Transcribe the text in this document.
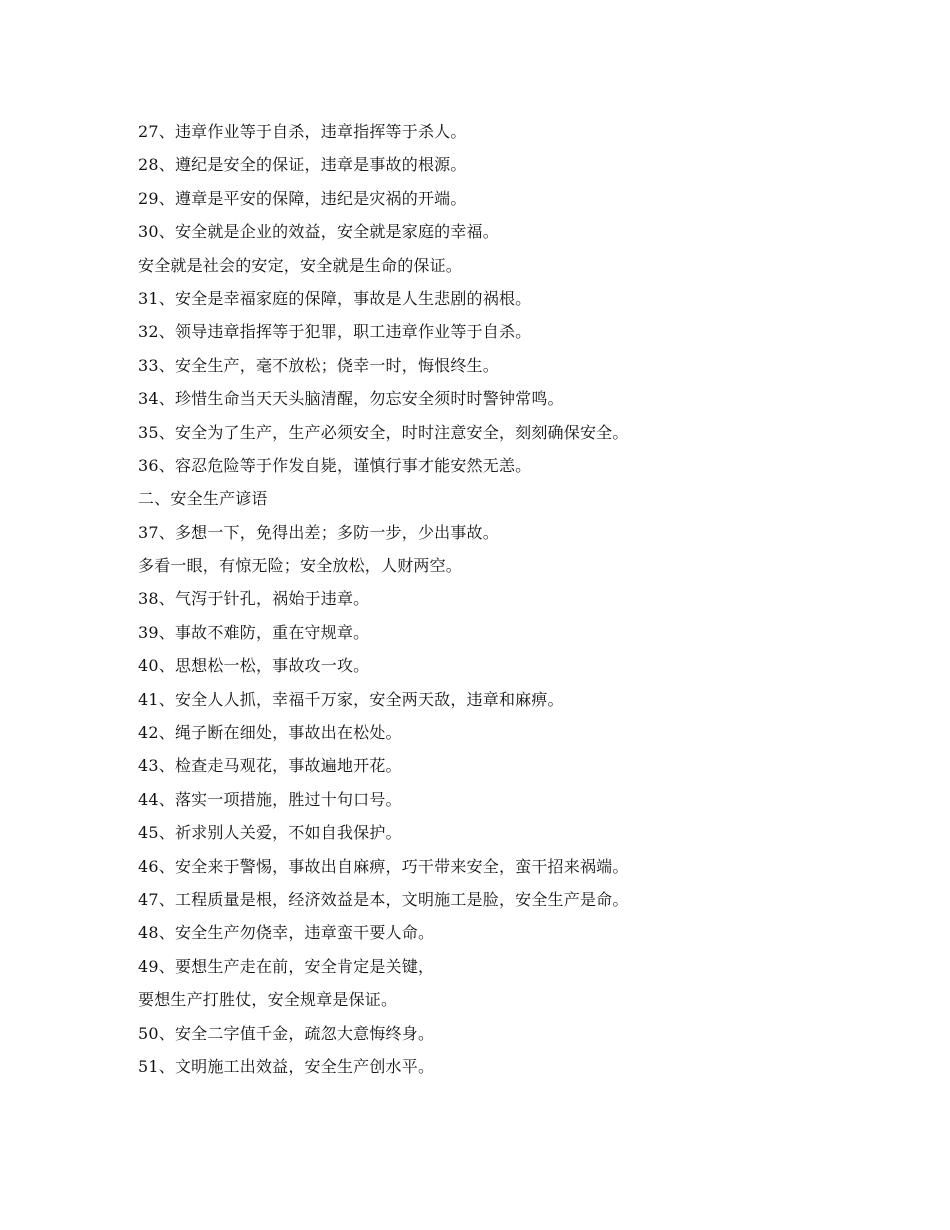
27、违章作业等于自杀，违章指挥等于杀人。
28、遵纪是安全的保证，违章是事故的根源。
29、遵章是平安的保障，违纪是灾祸的开端。
30、安全就是企业的效益，安全就是家庭的幸福。
安全就是社会的安定，安全就是生命的保证。
31、安全是幸福家庭的保障，事故是人生悲剧的祸根。
32、领导违章指挥等于犯罪，职工违章作业等于自杀。
33、安全生产，毫不放松；侥幸一时，悔恨终生。
34、珍惜生命当天天头脑清醒，勿忘安全须时时警钟常鸣。
35、安全为了生产，生产必须安全，时时注意安全，刻刻确保安全。
36、容忍危险等于作发自毙，谨慎行事才能安然无恙。
二、安全生产谚语
37、多想一下，免得出差；多防一步，少出事故。
多看一眼，有惊无险；安全放松，人财两空。
38、气泻于针孔，祸始于违章。
39、事故不难防，重在守规章。
40、思想松一松，事故攻一攻。
41、安全人人抓，幸福千万家，安全两天敌，违章和麻痹。
42、绳子断在细处，事故出在松处。
43、检查走马观花，事故遍地开花。
44、落实一项措施，胜过十句口号。
45、祈求别人关爱，不如自我保护。
46、安全来于警惕，事故出自麻痹，巧干带来安全，蛮干招来祸端。
47、工程质量是根，经济效益是本，文明施工是脸，安全生产是命。
48、安全生产勿侥幸，违章蛮干要人命。
49、要想生产走在前，安全肯定是关键，
要想生产打胜仗，安全规章是保证。
50、安全二字值千金，疏忽大意悔终身。
51、文明施工出效益，安全生产创水平。
